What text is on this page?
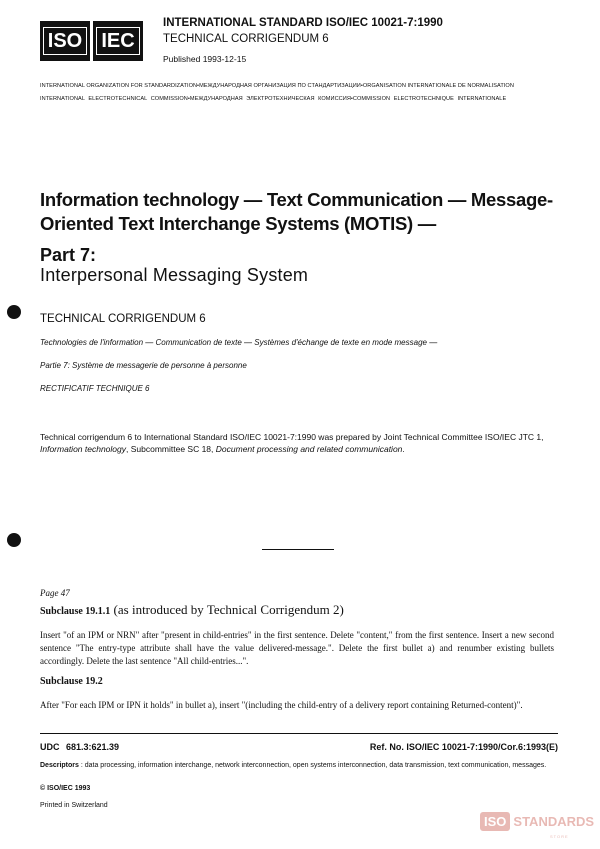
ISO IEC
INTERNATIONAL STANDARD ISO/IEC 10021-7:1990
TECHNICAL CORRIGENDUM 6
Published 1993-12-15
INTERNATIONAL ORGANIZATION FOR STANDARDIZATION•МЕЖДУНАРОДНАЯ ОРГАНИЗАЦИЯ ПО СТАНДАРТИЗАЦИИ•ORGANISATION INTERNATIONALE DE NORMALISATION
INTERNATIONAL ELECTROTECHNICAL COMMISSION•МЕЖДУНАРОДНАЯ ЭЛЕКТРОТЕХНИЧЕСКАЯ КОМИССИЯ•COMMISSION ELECTROTECHNIQUE INTERNATIONALE
Information technology — Text Communication — Message-
Oriented Text Interchange Systems (MOTIS) —
Part 7:
Interpersonal Messaging System
TECHNICAL CORRIGENDUM 6
Technologies de l'information — Communication de texte — Systèmes d'échange de texte en mode message —
Partie 7: Système de messagerie de personne à personne
RECTIFICATIF TECHNIQUE 6
Technical corrigendum 6 to International Standard ISO/IEC 10021-7:1990 was prepared by Joint Technical Committee ISO/IEC JTC 1, Information technology, Subcommittee SC 18, Document processing and related communication.
Page 47
Subclause 19.1.1 (as introduced by Technical Corrigendum 2)
Insert "of an IPM or NRN" after "present in child-entries" in the first sentence. Delete "content," from the first sentence. Insert a new second sentence "The entry-type attribute shall have the value delivered-message.". Delete the first bullet a) and renumber existing bullets accordingly. Delete the last sentence "All child-entries...".
Subclause 19.2
After "For each IPM or IPN it holds" in bullet a), insert "(including the child-entry of a delivery report containing Returned-content)".
UDC 681.3:621.39	Ref. No. ISO/IEC 10021-7:1990/Cor.6:1993(E)
Descriptors : data processing, information interchange, network interconnection, open systems interconnection, data transmission, text communication, messages.
© ISO/IEC 1993
Printed in Switzerland
ISO STANDARDS
STORE
